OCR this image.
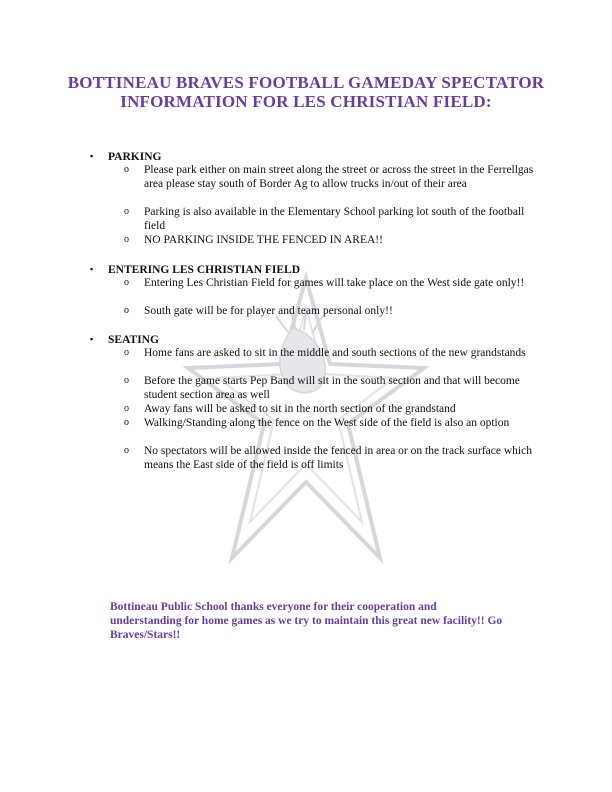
BOTTINEAU BRAVES FOOTBALL GAMEDAY SPECTATOR
INFORMATION FOR LES CHRISTIAN FIELD:

▪ PARKING

o Please park either on main street along the street or across the street in the Ferrellgas area please stay south of Border Ag to allow trucks in/out of their area
o Parking is also available in the Elementary School parking lot south of the football field
o NO PARKING INSIDE THE FENCED IN AREA!!

▪ ENTERING LES CHRISTIAN FIELD

o Entering Les Christian Field for games will take place on the West side gate only!!
o South gate will be for player and team personal only!!

▪ SEATING

o Home fans are asked to sit in the middle and south sections of the new grandstands
o Before the game starts Pep Band will sit in the south section and that will become student section area as well
o Away fans will be asked to sit in the north section of the grandstand
o Walking/Standing along the fence on the West side of the field is also an option
o No spectators will be allowed inside the fenced in area or on the track surface which means the East side of the field is off limits

Bottineau Public School thanks everyone for their cooperation and understanding for home games as we try to maintain this great new facility!! Go Braves/Stars!!
